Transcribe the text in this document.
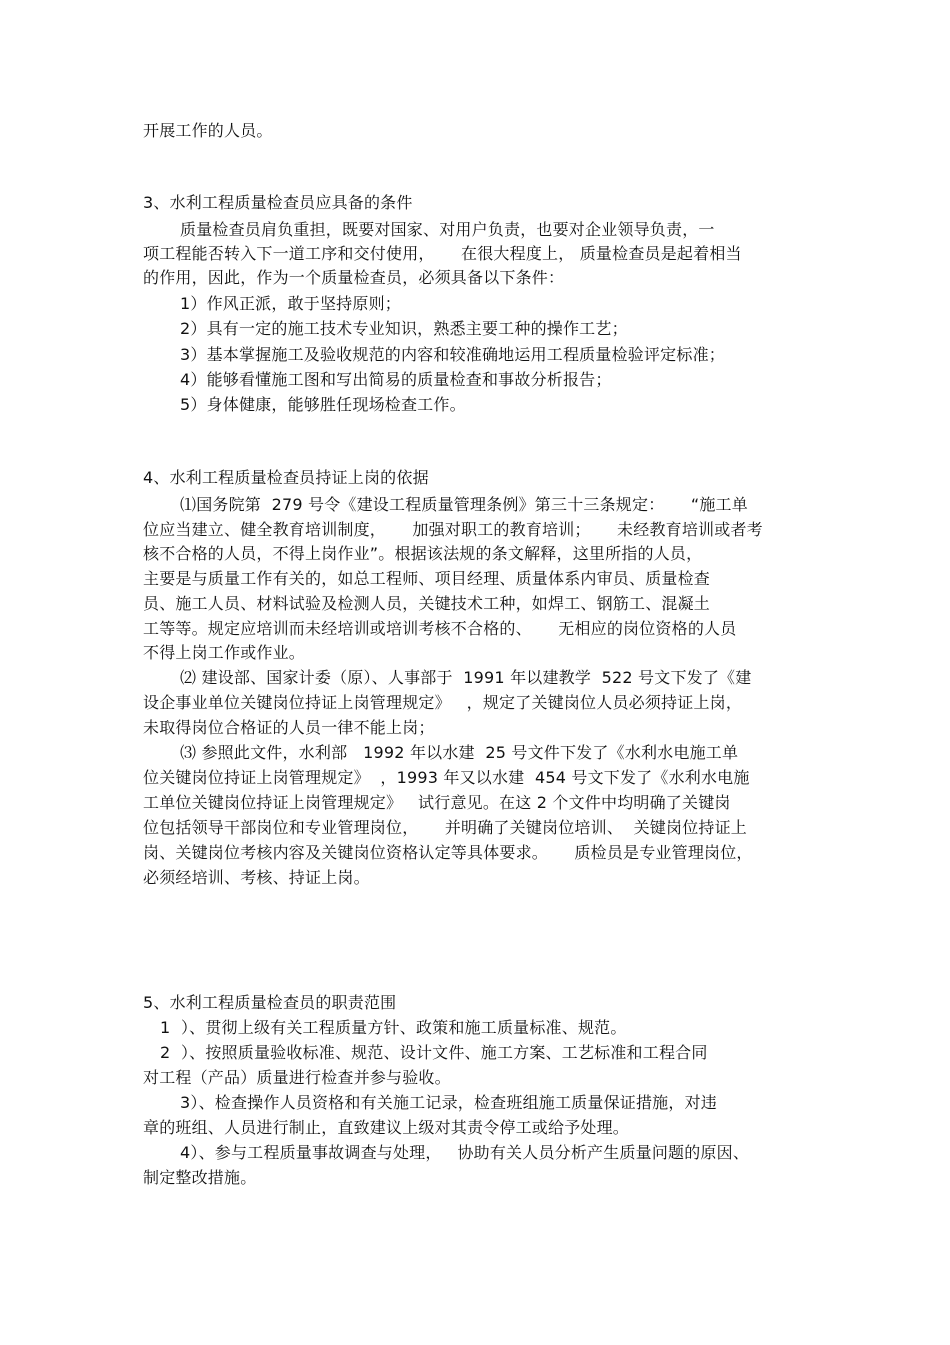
开展工作的人员。
3、水利工程质量检查员应具备的条件
质量检查员肩负重担，既要对国家、对用户负责，也要对企业领导负责，一
项工程能否转入下一道工序和交付使用，     在很大程度上， 质量检查员是起着相当
的作用，因此，作为一个质量检查员，必须具备以下条件：
1）作风正派，敢于坚持原则；
2）具有一定的施工技术专业知识，熟悉主要工种的操作工艺；
3）基本掌握施工及验收规范的内容和较准确地运用工程质量检验评定标准；
4）能够看懂施工图和写出简易的质量检查和事故分析报告；
5）身体健康，能够胜任现场检查工作。
4、水利工程质量检查员持证上岗的依据
⑴国务院第  279 号令《建设工程质量管理条例》第三十三条规定：     “施工单
位应当建立、健全教育培训制度，     加强对职工的教育培训；     未经教育培训或者考
核不合格的人员，不得上岗作业”。根据该法规的条文解释，这里所指的人员，
主要是与质量工作有关的，如总工程师、项目经理、质量体系内审员、质量检查
员、施工人员、材料试验及检测人员，关键技术工种，如焊工、钢筋工、混凝土
工等等。规定应培训而未经培训或培训考核不合格的、     无相应的岗位资格的人员
不得上岗工作或作业。
⑵ 建设部、国家计委（原）、人事部于  1991 年以建教学  522 号文下发了《建
设企事业单位关键岗位持证上岗管理规定》   ，规定了关键岗位人员必须持证上岗，
未取得岗位合格证的人员一律不能上岗；
⑶ 参照此文件，水利部   1992 年以水建  25 号文件下发了《水利水电施工单
位关键岗位持证上岗管理规定》  ，1993 年又以水建  454 号文下发了《水利水电施
工单位关键岗位持证上岗管理规定》   试行意见。在这 2 个文件中均明确了关键岗
位包括领导干部岗位和专业管理岗位，     并明确了关键岗位培训、  关键岗位持证上
岗、关键岗位考核内容及关键岗位资格认定等具体要求。     质检员是专业管理岗位，
必须经培训、考核、持证上岗。
5、水利工程质量检查员的职责范围
1  ）、贯彻上级有关工程质量方针、政策和施工质量标准、规范。
2  ）、按照质量验收标准、规范、设计文件、施工方案、工艺标准和工程合同
对工程（产品）质量进行检查并参与验收。
3）、检查操作人员资格和有关施工记录，检查班组施工质量保证措施，对违
章的班组、人员进行制止，直致建议上级对其责令停工或给予处理。
4）、参与工程质量事故调查与处理，   协助有关人员分析产生质量问题的原因、
制定整改措施。
